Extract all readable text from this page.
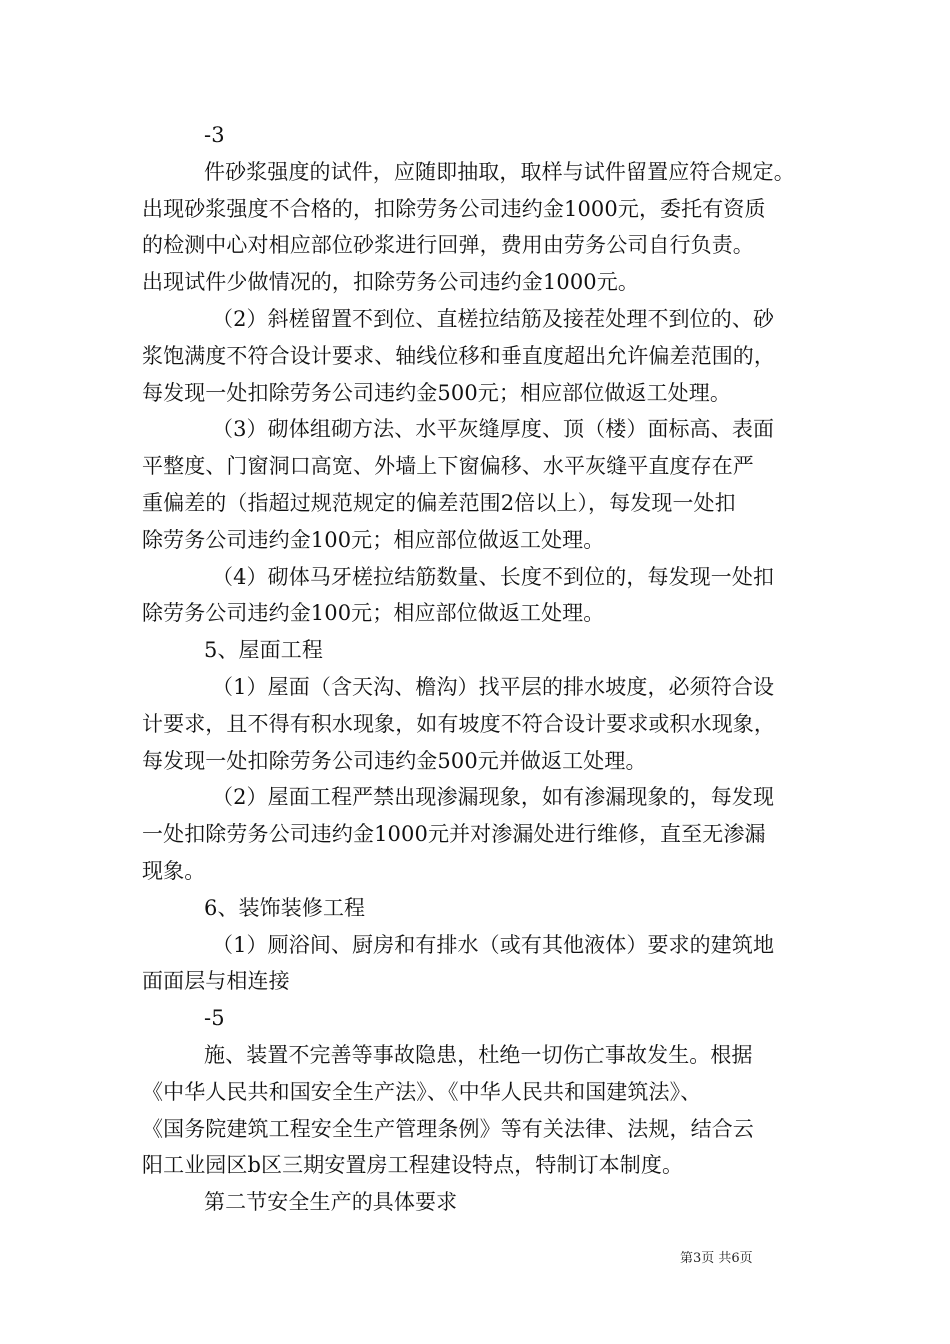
-3
件砂浆强度的试件，应随即抽取，取样与试件留置应符合规定。
出现砂浆强度不合格的，扣除劳务公司违约金1000元，委托有资质
的检测中心对相应部位砂浆进行回弹，费用由劳务公司自行负责。
出现试件少做情况的，扣除劳务公司违约金1000元。
（2）斜槎留置不到位、直槎拉结筋及接茬处理不到位的、砂
浆饱满度不符合设计要求、轴线位移和垂直度超出允许偏差范围的，
每发现一处扣除劳务公司违约金500元；相应部位做返工处理。
（3）砌体组砌方法、水平灰缝厚度、顶（楼）面标高、表面
平整度、门窗洞口高宽、外墙上下窗偏移、水平灰缝平直度存在严
重偏差的（指超过规范规定的偏差范围2倍以上），每发现一处扣
除劳务公司违约金100元；相应部位做返工处理。
（4）砌体马牙槎拉结筋数量、长度不到位的，每发现一处扣
除劳务公司违约金100元；相应部位做返工处理。
5、屋面工程
（1）屋面（含天沟、檐沟）找平层的排水坡度，必须符合设
计要求，且不得有积水现象，如有坡度不符合设计要求或积水现象，
每发现一处扣除劳务公司违约金500元并做返工处理。
（2）屋面工程严禁出现渗漏现象，如有渗漏现象的，每发现
一处扣除劳务公司违约金1000元并对渗漏处进行维修，直至无渗漏
现象。
6、装饰装修工程
（1）厕浴间、厨房和有排水（或有其他液体）要求的建筑地
面面层与相连接
-5
施、装置不完善等事故隐患，杜绝一切伤亡事故发生。根据
《中华人民共和国安全生产法》、《中华人民共和国建筑法》、
《国务院建筑工程安全生产管理条例》等有关法律、法规，结合云
阳工业园区b区三期安置房工程建设特点，特制订本制度。
第二节安全生产的具体要求
第3页 共6页
